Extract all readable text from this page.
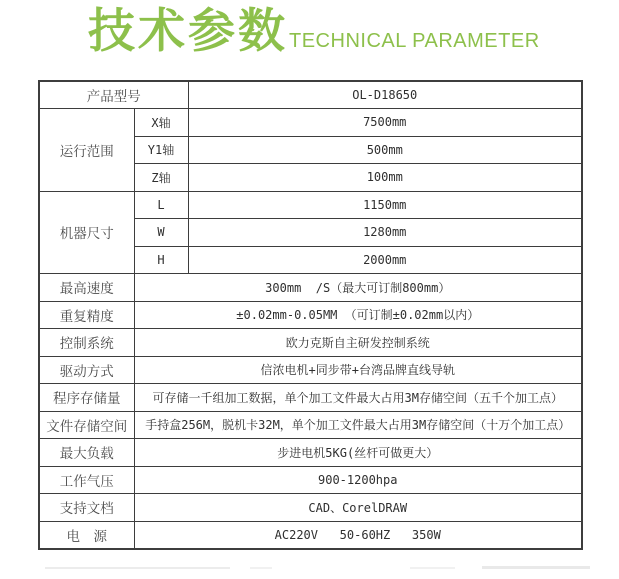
技术参数 TECHNICAL PARAMETER
产品型号		OL-D18650
运行范围	X轴	7500mm
	Y1轴	500mm
	Z轴	100mm
机器尺寸	L	1150mm
	W	1280mm
	H	2000mm
最高速度	300mm  /S（最大可订制800mm）	
重复精度	±0.02mm-0.05MM （可订制±0.02mm以内）	
控制系统	欧力克斯自主研发控制系统	
驱动方式	信浓电机+同步带+台湾品牌直线导轨	
程序存储量	可存储一千组加工数据，单个加工文件最大占用3M存储空间（五千个加工点）	
文件存储空间	手持盒256M，脱机卡32M，单个加工文件最大占用3M存储空间（十万个加工点）	
最大负载	步进电机5KG(丝杆可做更大）	
工作气压	900-1200hpa	
支持文档	CAD、CorelDRAW	
电　源	AC220V   50-60HZ   350W	
